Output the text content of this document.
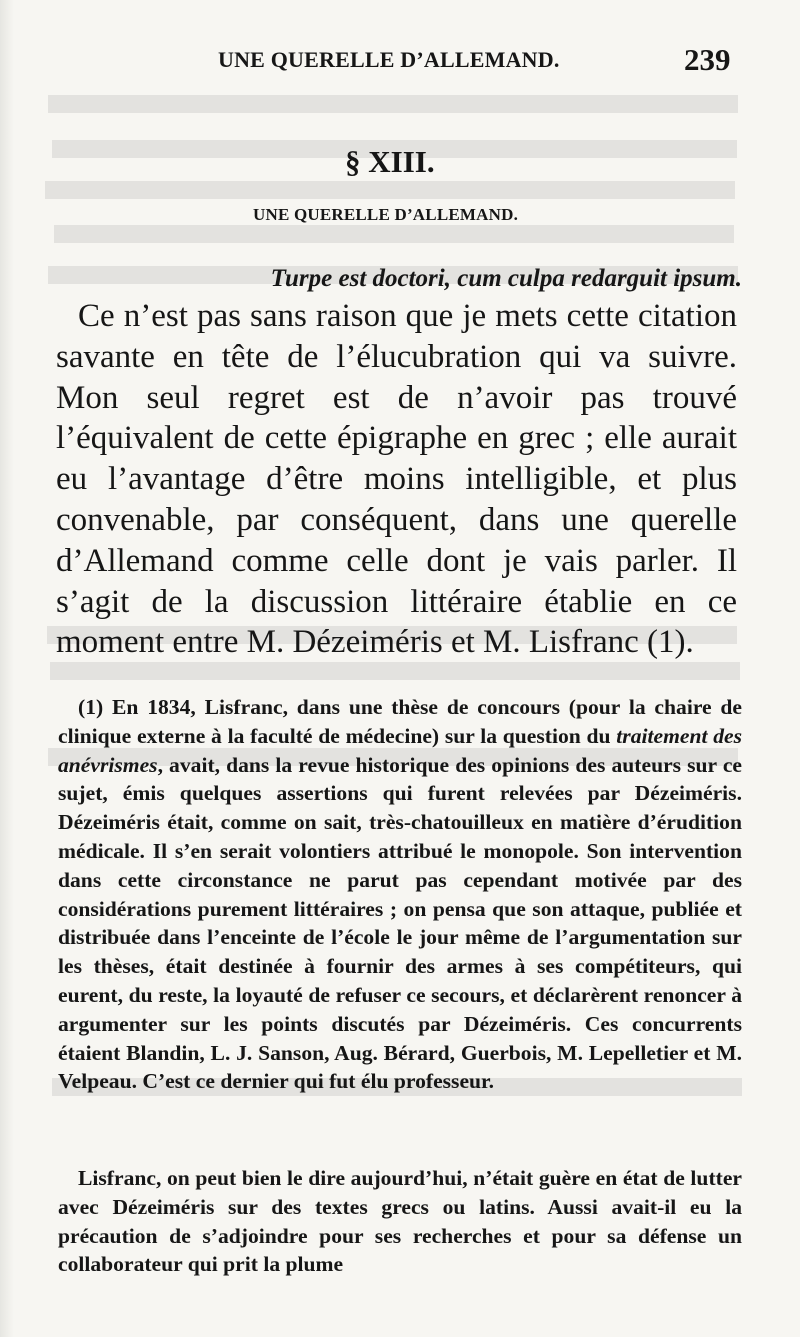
UNE QUERELLE D’ALLEMAND.	239
§ XIII.
UNE QUERELLE D’ALLEMAND.

Turpe est doctori, cum culpa redarguit ipsum.

Ce n’est pas sans raison que je mets cette citation savante en tête de l’élucubration qui va suivre. Mon seul regret est de n’avoir pas trouvé l’équivalent de cette épigraphe en grec ; elle aurait eu l’avantage d’être moins intelligible, et plus convenable, par conséquent, dans une querelle d’Allemand comme celle dont je vais parler. Il s’agit de la discussion littéraire établie en ce moment entre M. Dézeiméris et M. Lisfranc (1).

(1) En 1834, Lisfranc, dans une thèse de concours (pour la chaire de clinique externe à la faculté de médecine) sur la question du traitement des anévrismes, avait, dans la revue historique des opinions des auteurs sur ce sujet, émis quelques assertions qui furent relevées par Dézeiméris. Dézeiméris était, comme on sait, très-chatouilleux en matière d’érudition médicale. Il s’en serait volontiers attribué le monopole. Son intervention dans cette circonstance ne parut pas cependant motivée par des considérations purement littéraires ; on pensa que son attaque, publiée et distribuée dans l’enceinte de l’école le jour même de l’argumentation sur les thèses, était destinée à fournir des armes à ses compétiteurs, qui eurent, du reste, la loyauté de refuser ce secours, et déclarèrent renoncer à argumenter sur les points discutés par Dézeiméris. Ces concurrents étaient Blandin, L. J. Sanson, Aug. Bérard, Guerbois, M. Lepelletier et M. Velpeau. C’est ce dernier qui fut élu professeur.

Lisfranc, on peut bien le dire aujourd’hui, n’était guère en état de lutter avec Dézeiméris sur des textes grecs ou latins. Aussi avait-il eu la précaution de s’adjoindre pour ses recherches et pour sa défense un collaborateur qui prit la plume
